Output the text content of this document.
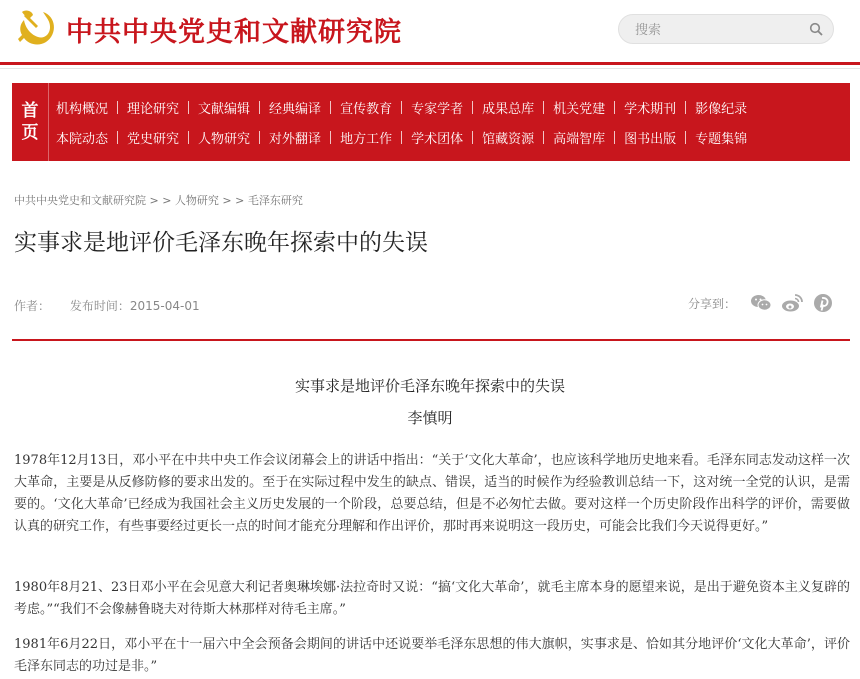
中共中央党史和文献研究院
搜索
首
页
机构概况 理论研究 文献编辑 经典编译 宣传教育 专家学者 成果总库 机关党建 学术期刊 影像纪录
本院动态 党史研究 人物研究 对外翻译 地方工作 学术团体 馆藏资源 高端智库 图书出版 专题集锦
中共中央党史和文献研究院 > > 人物研究 > > 毛泽东研究
实事求是地评价毛泽东晚年探索中的失误
作者： 发布时间：2015-04-01	分享到：
实事求是地评价毛泽东晚年探索中的失误
李慎明
1978年12月13日，邓小平在中共中央工作会议闭幕会上的讲话中指出：“关于‘文化大革命’，也应该科学地历史地来看。毛泽东同志发动这样一次大革命，主要是从反修防修的要求出发的。至于在实际过程中发生的缺点、错误，适当的时候作为经验教训总结一下，这对统一全党的认识，是需要的。‘文化大革命’已经成为我国社会主义历史发展的一个阶段，总要总结，但是不必匆忙去做。要对这样一个历史阶段作出科学的评价，需要做认真的研究工作，有些事要经过更长一点的时间才能充分理解和作出评价，那时再来说明这一段历史，可能会比我们今天说得更好。”
1980年8月21、23日邓小平在会见意大利记者奥琳埃娜·法拉奇时又说：“搞‘文化大革命’，就毛主席本身的愿望来说，是出于避免资本主义复辟的考虑。”“我们不会像赫鲁晓夫对待斯大林那样对待毛主席。”
1981年6月22日，邓小平在十一届六中全会预备会期间的讲话中还说要举毛泽东思想的伟大旗帜，实事求是、恰如其分地评价‘文化大革命’，评价毛泽东同志的功过是非。”
